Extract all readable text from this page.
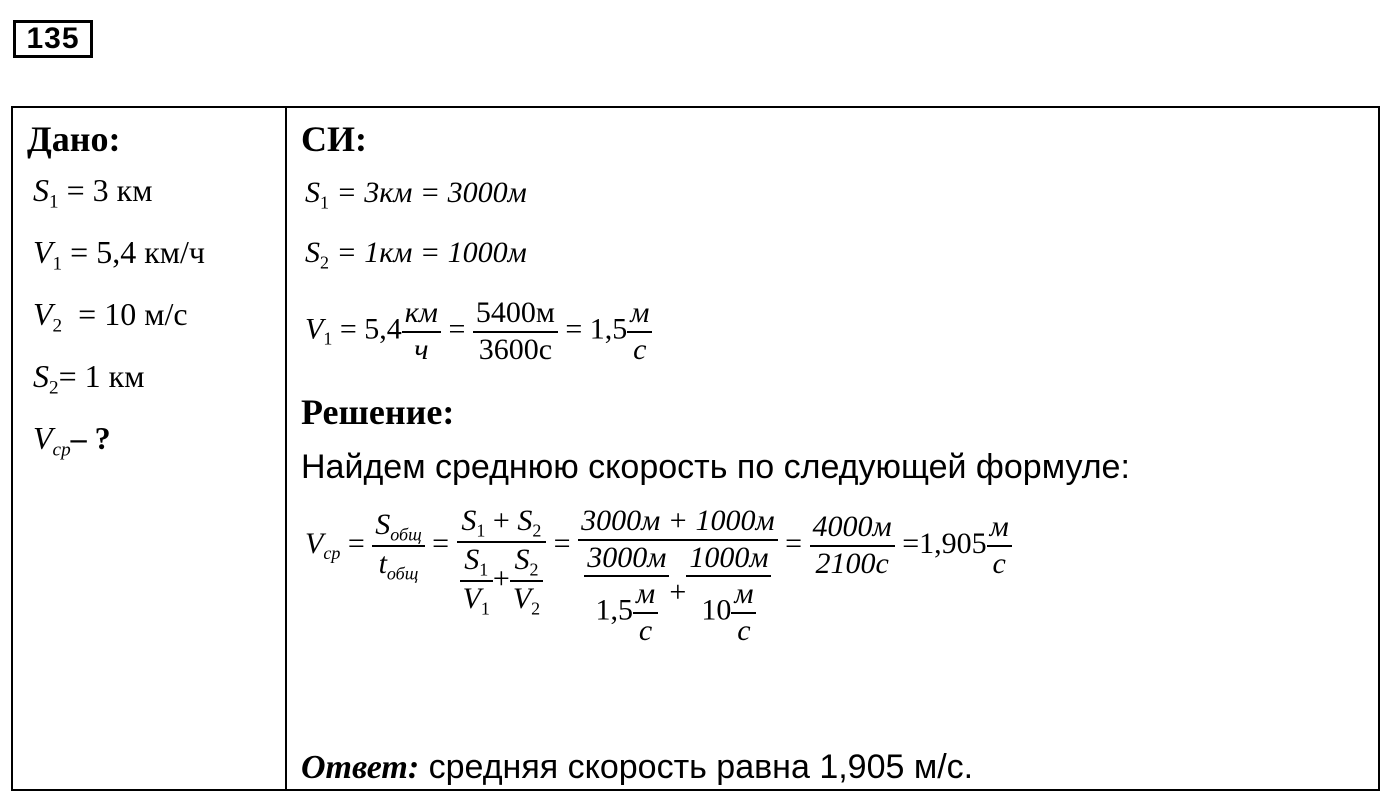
135
Дано:
$S_1 = 3$ км
$V_1 = 5,4$ км/ч
$V_2 = 10$ м/с
$S_2= 1$ км
$V_{ср}-$ ?
СИ:
$S_1 = 3км = 3000м$
$S_2 = 1км = 1000м$
$V_1 = 5,4 \frac{км}{ч} = \frac{5400м}{3600с} = 1,5 \frac{м}{с}$
Решение:
Найдем среднюю скорость по следующей формуле:
$V_{ср} = \frac{S_{общ}}{t_{общ}} = \frac{S_1 + S_2}{\frac{S_1}{V_1} + \frac{S_2}{V_2}} = \frac{3000м + 1000м}{\frac{3000м}{1,5 \frac{м}{с}} + \frac{1000м}{10 \frac{м}{с}}} = \frac{4000м}{2100с} =1,905 \frac{м}{с}$
Ответ: средняя скорость равна 1,905 м/с.
